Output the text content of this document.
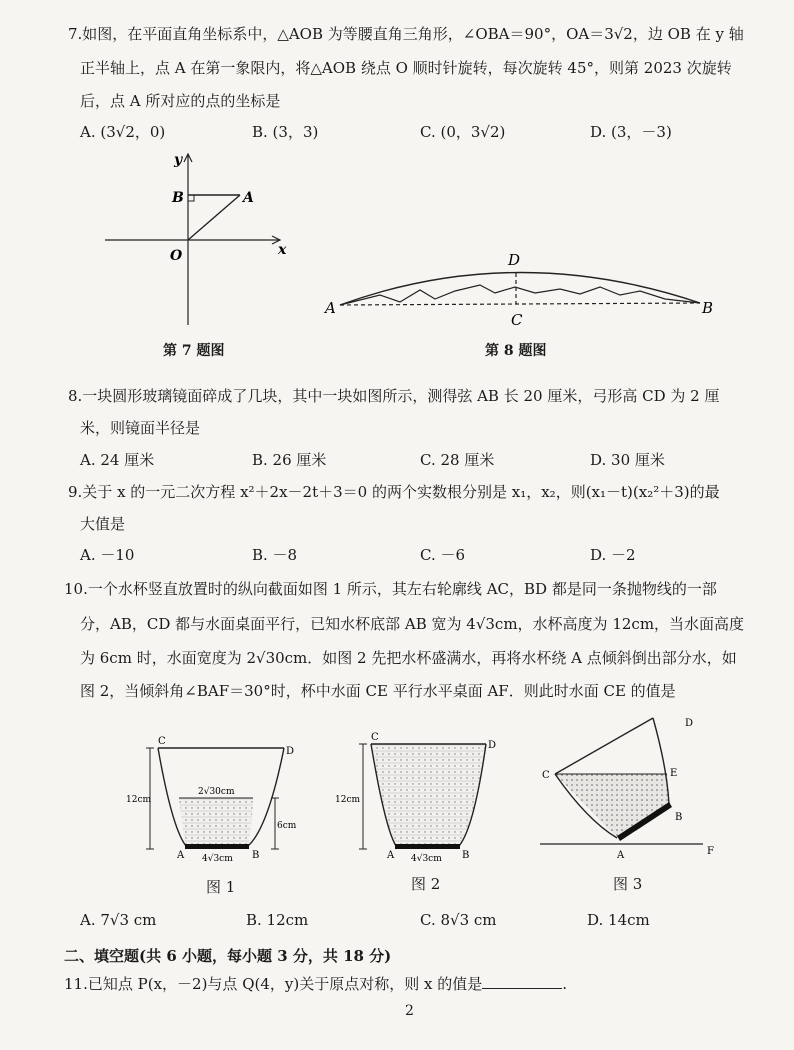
7.如图，在平面直角坐标系中，△AOB 为等腰直角三角形，∠OBA＝90°，OA＝3√2，边 OB 在 y 轴
正半轴上，点 A 在第一象限内，将△AOB 绕点 O 顺时针旋转，每次旋转 45°，则第 2023 次旋转
后，点 A 所对应的点的坐标是
A. (3√2，0)	B. (3，3)	C. (0，3√2)	D. (3，－3)
y
x
O
B	A
第 7 题图
D
A	B
C
第 8 题图
8.一块圆形玻璃镜面碎成了几块，其中一块如图所示，测得弦 AB 长 20 厘米，弓形高 CD 为 2 厘
米，则镜面半径是
A. 24 厘米	B. 26 厘米	C. 28 厘米	D. 30 厘米
9.关于 x 的一元二次方程 x²＋2x－2t＋3＝0 的两个实数根分别是 x₁，x₂，则(x₁－t)(x₂²＋3)的最
大值是
A. －10	B. －8	C. －6	D. －2
10.一个水杯竖直放置时的纵向截面如图 1 所示，其左右轮廓线 AC，BD 都是同一条抛物线的一部
分，AB，CD 都与水面桌面平行，已知水杯底部 AB 宽为 4√3cm，水杯高度为 12cm，当水面高度
为 6cm 时，水面宽度为 2√30cm．如图 2 先把水杯盛满水，再将水杯绕 A 点倾斜倒出部分水，如
图 2，当倾斜角∠BAF＝30°时，杯中水面 CE 平行水平桌面 AF．则此时水面 CE 的值是
C
D
A	B
12cm
2√30cm
6cm
4√3cm
图 1
C
D
A	B
12cm
4√3cm
图 2
D
C	E
B
A	F
图 3
A. 7√3 cm	B. 12cm	C. 8√3 cm	D. 14cm
二、填空题(共 6 小题，每小题 3 分，共 18 分)
11.已知点 P(x，－2)与点 Q(4，y)关于原点对称，则 x 的值是	.
2
